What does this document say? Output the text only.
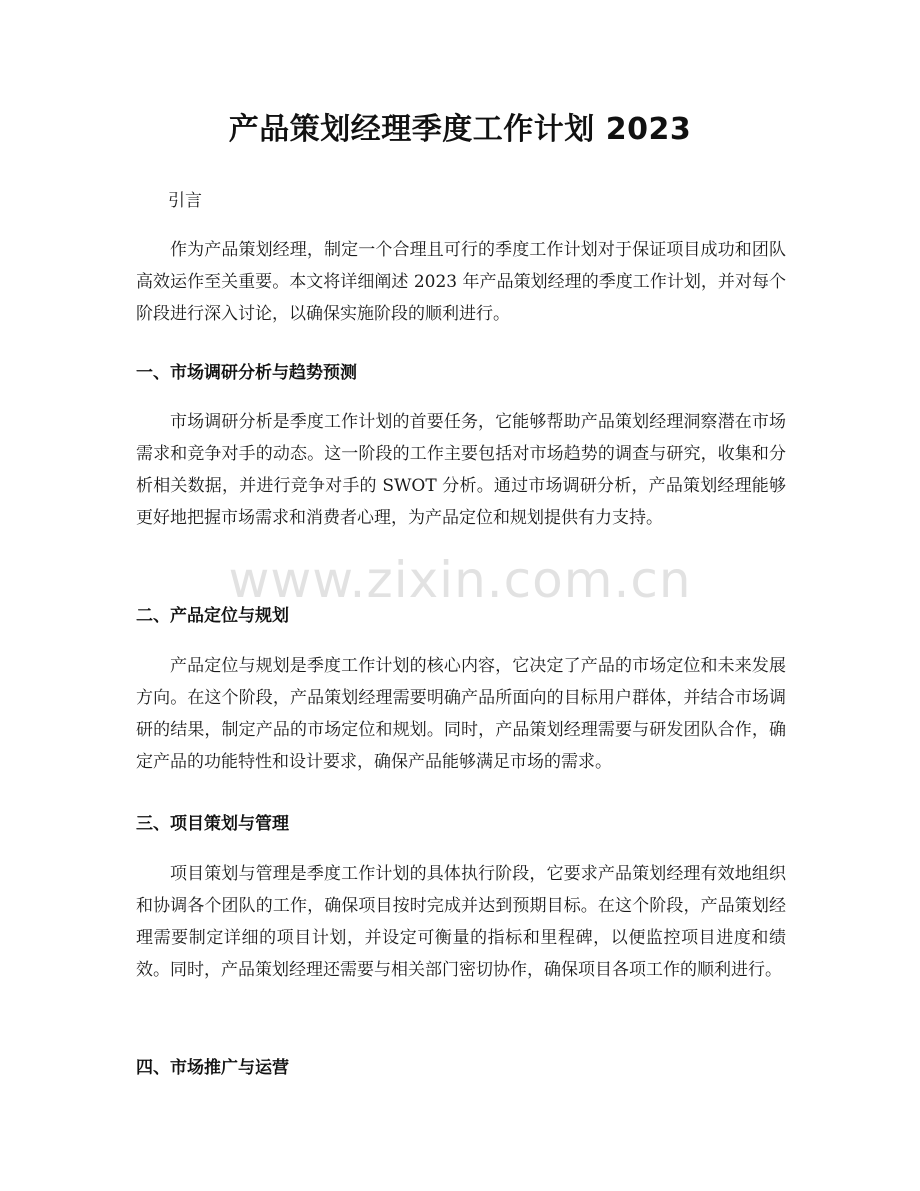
产品策划经理季度工作计划 2023
引言

作为产品策划经理，制定一个合理且可行的季度工作计划对于保证项目成功和团队高效运作至关重要。本文将详细阐述 2023 年产品策划经理的季度工作计划，并对每个阶段进行深入讨论，以确保实施阶段的顺利进行。

一、市场调研分析与趋势预测

市场调研分析是季度工作计划的首要任务，它能够帮助产品策划经理洞察潜在市场需求和竞争对手的动态。这一阶段的工作主要包括对市场趋势的调查与研究，收集和分析相关数据，并进行竞争对手的 SWOT 分析。通过市场调研分析，产品策划经理能够更好地把握市场需求和消费者心理，为产品定位和规划提供有力支持。

二、产品定位与规划

产品定位与规划是季度工作计划的核心内容，它决定了产品的市场定位和未来发展方向。在这个阶段，产品策划经理需要明确产品所面向的目标用户群体，并结合市场调研的结果，制定产品的市场定位和规划。同时，产品策划经理需要与研发团队合作，确定产品的功能特性和设计要求，确保产品能够满足市场的需求。

三、项目策划与管理

项目策划与管理是季度工作计划的具体执行阶段，它要求产品策划经理有效地组织和协调各个团队的工作，确保项目按时完成并达到预期目标。在这个阶段，产品策划经理需要制定详细的项目计划，并设定可衡量的指标和里程碑，以便监控项目进度和绩效。同时，产品策划经理还需要与相关部门密切协作，确保项目各项工作的顺利进行。

四、市场推广与运营
www.zixin.com.cn
